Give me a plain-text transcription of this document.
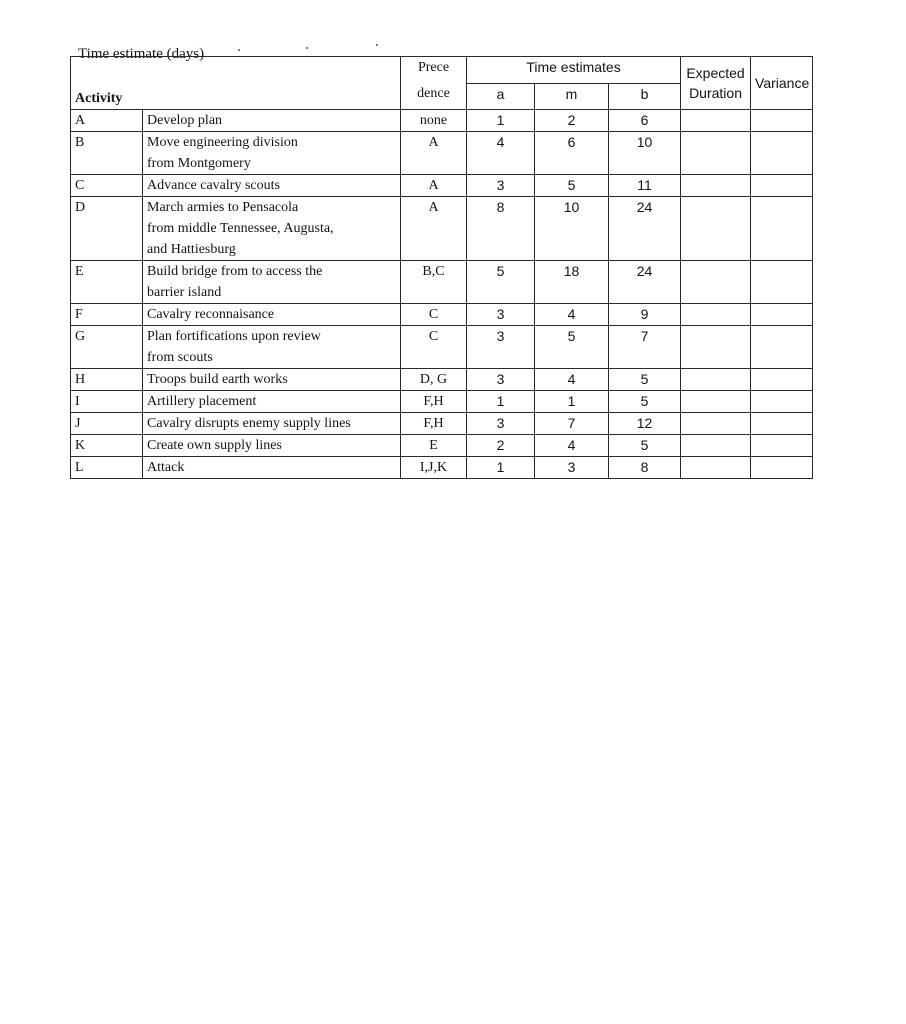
Time estimate (days)
Activity		Prece	Time estimates			Expected
Duration	Variance
		dence	a	m	b		
A	Develop plan	none	1	2	6		
B	Move engineering division
from Montgomery	A	4	6	10		
C	Advance cavalry scouts	A	3	5	11		
D	March armies to Pensacola
from middle Tennessee, Augusta,
and Hattiesburg	A	8	10	24		
E	Build bridge from to access the
barrier island	B,C	5	18	24		
F	Cavalry reconnaisance	C	3	4	9		
G	Plan fortifications upon review
from scouts	C	3	5	7		
H	Troops build earth works	D, G	3	4	5		
I	Artillery placement	F,H	1	1	5		
J	Cavalry disrupts enemy supply lines	F,H	3	7	12		
K	Create own supply lines	E	2	4	5		
L	Attack	I,J,K	1	3	8		
